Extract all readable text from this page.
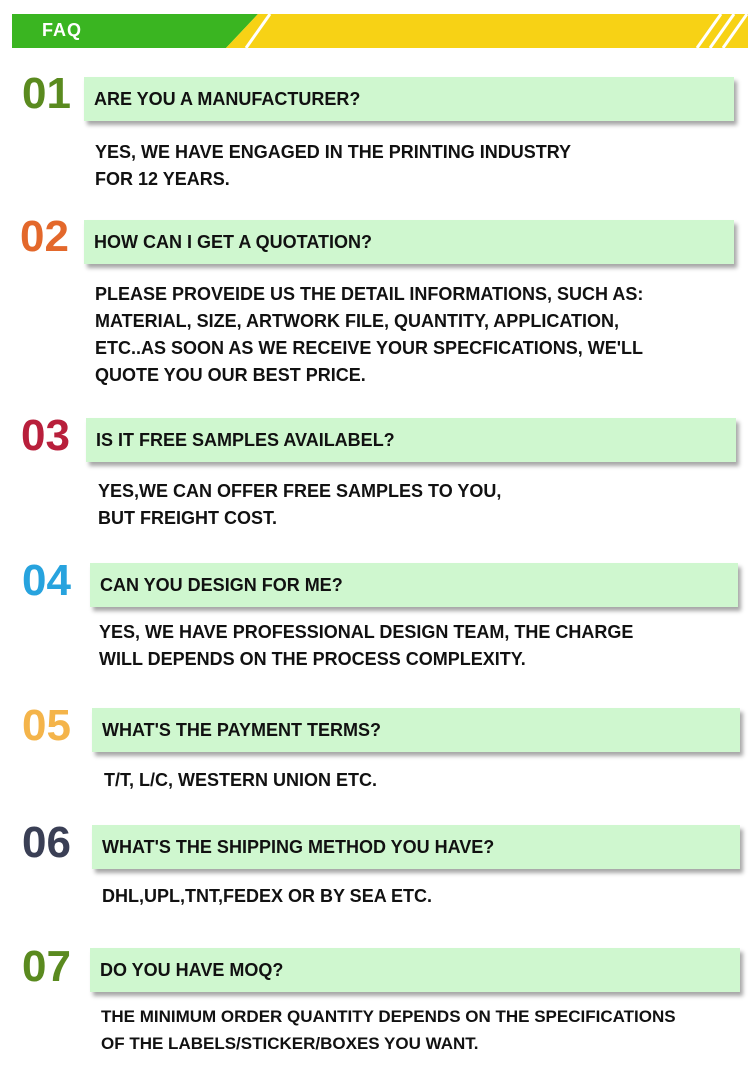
FAQ
01 ARE YOU A MANUFACTURER?
YES, WE HAVE ENGAGED IN THE PRINTING INDUSTRY
FOR 12 YEARS.
02 HOW CAN I GET A QUOTATION?
PLEASE PROVEIDE US THE DETAIL INFORMATIONS, SUCH AS:
MATERIAL, SIZE, ARTWORK FILE, QUANTITY, APPLICATION,
ETC..AS SOON AS WE RECEIVE YOUR SPECFICATIONS, WE'LL
QUOTE YOU OUR BEST PRICE.
03 IS IT FREE SAMPLES AVAILABEL?
YES,WE CAN OFFER FREE SAMPLES TO YOU,
BUT FREIGHT COST.
04 CAN YOU DESIGN FOR ME?
YES, WE HAVE PROFESSIONAL DESIGN TEAM, THE CHARGE
WILL DEPENDS ON THE PROCESS COMPLEXITY.
05 WHAT'S THE PAYMENT TERMS?
T/T, L/C, WESTERN UNION ETC.
06 WHAT'S THE SHIPPING METHOD YOU HAVE?
DHL,UPL,TNT,FEDEX OR BY SEA ETC.
07 DO YOU HAVE MOQ?
THE MINIMUM ORDER QUANTITY DEPENDS ON THE SPECIFICATIONS
OF THE LABELS/STICKER/BOXES YOU WANT.
